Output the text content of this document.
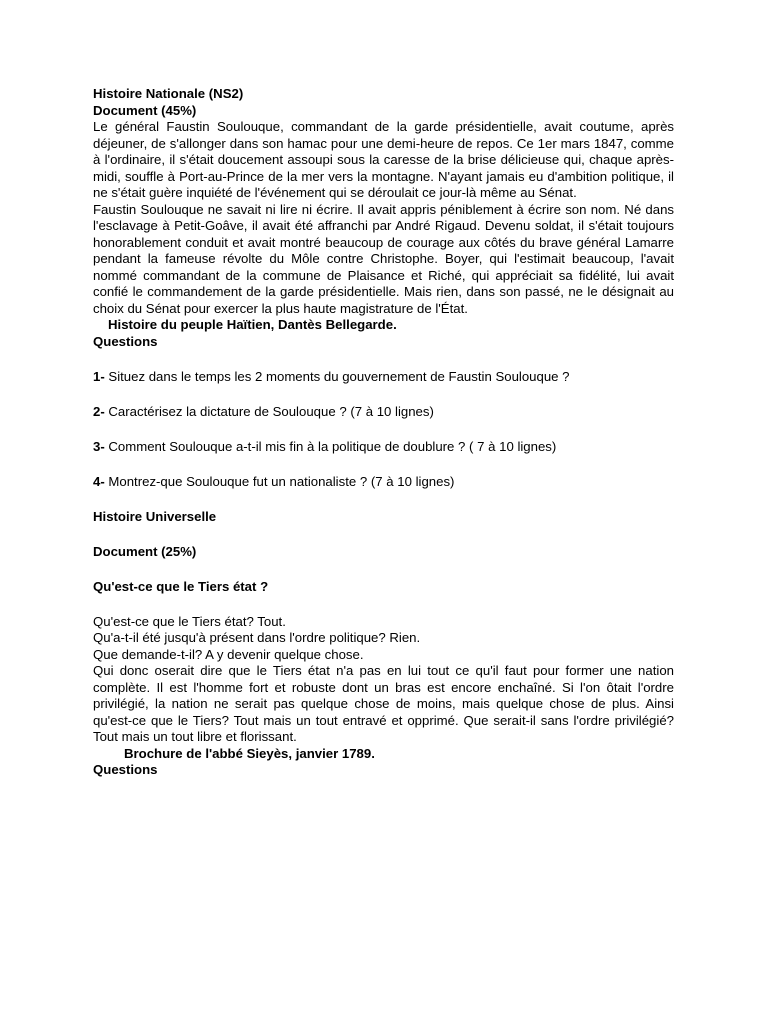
Histoire Nationale (NS2)

Document (45%)

Le général Faustin Soulouque, commandant de la garde présidentielle, avait coutume, après déjeuner, de s'allonger dans son hamac pour une demi-heure de repos. Ce 1er mars 1847, comme à l'ordinaire, il s'était doucement assoupi sous la caresse de la brise délicieuse qui, chaque après-midi, souffle à Port-au-Prince de la mer vers la montagne. N'ayant jamais eu d'ambition politique, il ne s'était guère inquiété de l'événement qui se déroulait ce jour-là même au Sénat.

Faustin Soulouque ne savait ni lire ni écrire. Il avait appris péniblement à écrire son nom. Né dans l'esclavage à Petit-Goâve, il avait été affranchi par André Rigaud. Devenu soldat, il s'était toujours honorablement conduit et avait montré beaucoup de courage aux côtés du brave général Lamarre pendant la fameuse révolte du Môle contre Christophe. Boyer, qui l'estimait beaucoup, l'avait nommé commandant de la commune de Plaisance et Riché, qui appréciait sa fidélité, lui avait confié le commandement de la garde présidentielle. Mais rien, dans son passé, ne le désignait au choix du Sénat pour exercer la plus haute magistrature de l'État.

Histoire du peuple Haïtien, Dantès Bellegarde.

Questions

1- Situez dans le temps les 2 moments du gouvernement de Faustin Soulouque ?

2- Caractérisez la dictature de Soulouque ? (7 à 10 lignes)

3- Comment Soulouque a-t-il mis fin à la politique de doublure ? ( 7 à 10 lignes)

4- Montrez-que Soulouque fut un nationaliste ? (7 à 10 lignes)

Histoire Universelle

Document (25%)

Qu'est-ce que le Tiers état ?

Qu'est-ce que le Tiers état? Tout.

Qu'a-t-il été jusqu'à présent dans l'ordre politique? Rien.

Que demande-t-il? A y devenir quelque chose.

Qui donc oserait dire que le Tiers état n'a pas en lui tout ce qu'il faut pour former une nation complète. Il est l'homme fort et robuste dont un bras est encore enchaîné. Si l'on ôtait l'ordre privilégié, la nation ne serait pas quelque chose de moins, mais quelque chose de plus. Ainsi qu'est-ce que le Tiers? Tout mais un tout entravé et opprimé. Que serait-il sans l'ordre privilégié? Tout mais un tout libre et florissant.

Brochure de l'abbé Sieyès, janvier 1789.

Questions
